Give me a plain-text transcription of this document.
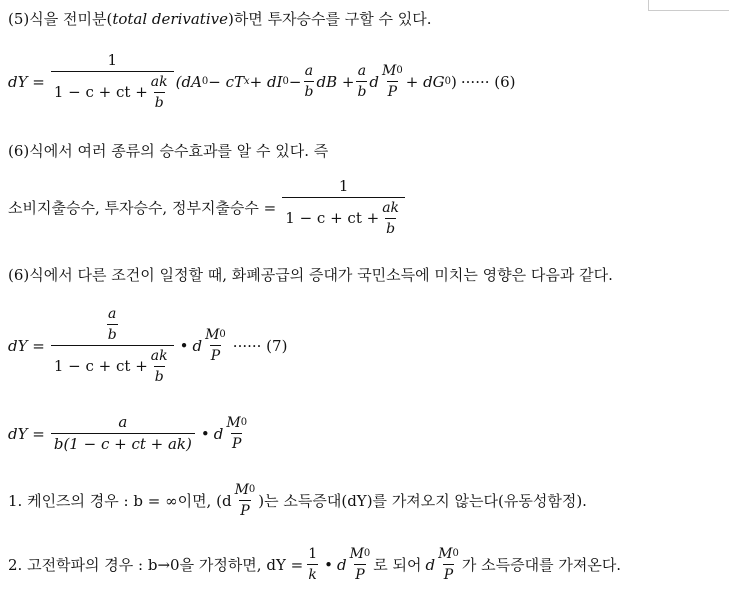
(5)식을 전미분( total derivative )하면 투자승수를 구할 수 있다.
dY = $\frac{1}{1 - c + ct + \frac{ak}{b}} (dA$ 0 − cT x + dI $0 - \frac{a}{b}$ dB + $\frac{a}{b}$ d $\frac{M 0}{P}$ + dG 0 ) ······ (6)
(6)식에서 여러 종류의 승수효과를 알 수 있다. 즉
소비지출승수, 투자승수, 정부지출승수 = $\frac{1}{1 - c + ct + \frac{ak}{b}}$
(6)식에서 다른 조건이 일정할 때, 화폐공급의 증대가 국민소득에 미치는 영향은 다음과 같다.
dY = $\frac{\frac{a}{b}}{1 - c + ct + \frac{ak}{b}}$ • d $\frac{M 0}{P}$ ······ (7)
dY = $\frac{a}{b(1 - c + ct + ak)}$ • d $\frac{M 0}{P}$
1. 케인즈의 경우 : b = ∞이면, ($d \frac{M 0}{P}$ )는 소득증대(dY)를 가져오지 않는다(유동성함정).
2. 고전학파의 경우 : b→0을 가정하면, dY = $\frac{1}{k}$ • d $\frac{M 0}{P}$ 로 되어 d $\frac{M 0}{P}$ 가 소득증대를 가져온다.
